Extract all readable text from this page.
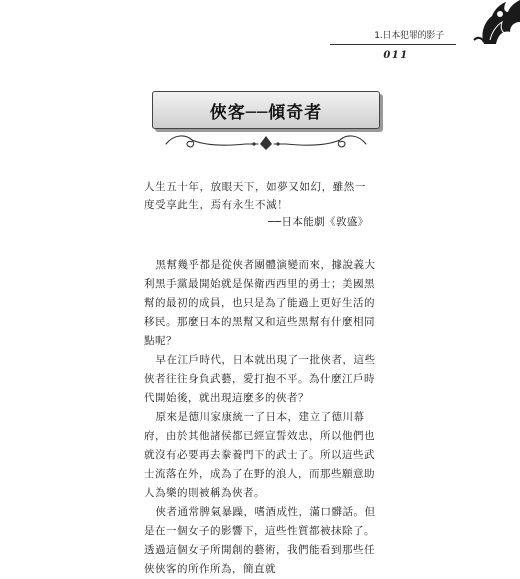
1.日本犯罪的影子
011
俠客──傾奇者

人生五十年，放眼天下，如夢又如幻，雖然一度受享此生，焉有永生不滅！

──日本能劇《敦盛》

黑幫幾乎都是從俠者團體演變而來，據說義大利黑手黨最開始就是保衛西西里的勇士；美國黑幫的最初的成員，也只是為了能過上更好生活的移民。那麼日本的黑幫又和這些黑幫有什麼相同點呢？

早在江戶時代，日本就出現了一批俠者，這些俠者往往身負武藝，愛打抱不平。為什麼江戶時代開始後，就出現這麼多的俠者？

原來是德川家康統一了日本，建立了德川幕府，由於其他諸侯都已經宣誓效忠，所以他們也就沒有必要再去豢養門下的武士了。所以這些武士流落在外，成為了在野的浪人，而那些願意助人為樂的則被稱為俠者。

俠者通常脾氣暴躁，嗜酒成性，滿口髒話。但是在一個女子的影響下，這些性質都被抹除了。透過這個女子所開創的藝術，我們能看到那些任俠俠客的所作所為，簡直就
